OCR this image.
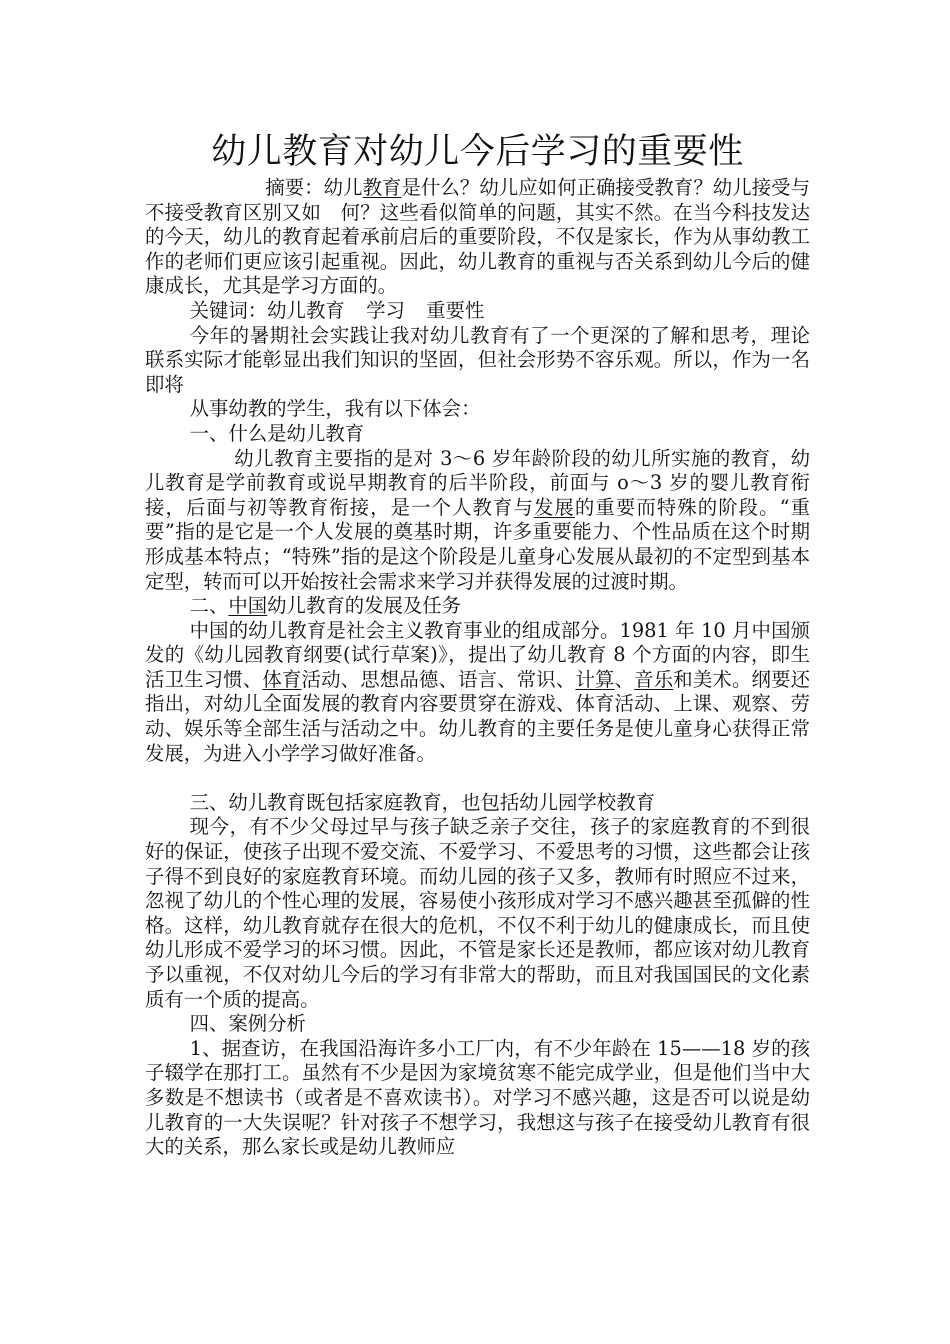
幼儿教育对幼儿今后学习的重要性

摘要：幼儿教育是什么？幼儿应如何正确接受教育？幼儿接受与不接受教育区别又如　何？这些看似简单的问题，其实不然。在当今科技发达的今天，幼儿的教育起着承前启后的重要阶段，不仅是家长，作为从事幼教工作的老师们更应该引起重视。因此，幼儿教育的重视与否关系到幼儿今后的健康成长，尤其是学习方面的。

关键词：幼儿教育 学习 重要性

今年的暑期社会实践让我对幼儿教育有了一个更深的了解和思考，理论联系实际才能彰显出我们知识的坚固，但社会形势不容乐观。所以，作为一名即将

从事幼教的学生，我有以下体会：

一、什么是幼儿教育

幼儿教育主要指的是对 3～6 岁年龄阶段的幼儿所实施的教育，幼儿教育是学前教育或说早期教育的后半阶段，前面与 o～3 岁的婴儿教育衔接，后面与初等教育衔接，是一个人教育与发展的重要而特殊的阶段。“重要”指的是它是一个人发展的奠基时期，许多重要能力、个性品质在这个时期形成基本特点；“特殊”指的是这个阶段是儿童身心发展从最初的不定型到基本定型，转而可以开始按社会需求来学习并获得发展的过渡时期。

二、中国幼儿教育的发展及任务

中国的幼儿教育是社会主义教育事业的组成部分。1981 年 10 月中国颁发的《幼儿园教育纲要(试行草案)》，提出了幼儿教育 8 个方面的内容，即生活卫生习惯、体育活动、思想品德、语言、常识、计算、音乐和美术。纲要还指出，对幼儿全面发展的教育内容要贯穿在游戏、体育活动、上课、观察、劳动、娱乐等全部生活与活动之中。幼儿教育的主要任务是使儿童身心获得正常发展，为进入小学学习做好准备。

三、幼儿教育既包括家庭教育，也包括幼儿园学校教育

现今，有不少父母过早与孩子缺乏亲子交往，孩子的家庭教育的不到很好的保证，使孩子出现不爱交流、不爱学习、不爱思考的习惯，这些都会让孩子得不到良好的家庭教育环境。而幼儿园的孩子又多，教师有时照应不过来，忽视了幼儿的个性心理的发展，容易使小孩形成对学习不感兴趣甚至孤僻的性格。这样，幼儿教育就存在很大的危机，不仅不利于幼儿的健康成长，而且使幼儿形成不爱学习的坏习惯。因此，不管是家长还是教师，都应该对幼儿教育予以重视，不仅对幼儿今后的学习有非常大的帮助，而且对我国国民的文化素质有一个质的提高。

四、案例分析

1、据查访，在我国沿海许多小工厂内，有不少年龄在 15——18 岁的孩子辍学在那打工。虽然有不少是因为家境贫寒不能完成学业，但是他们当中大多数是不想读书（或者是不喜欢读书）。对学习不感兴趣，这是否可以说是幼儿教育的一大失误呢？针对孩子不想学习，我想这与孩子在接受幼儿教育有很大的关系，那么家长或是幼儿教师应
